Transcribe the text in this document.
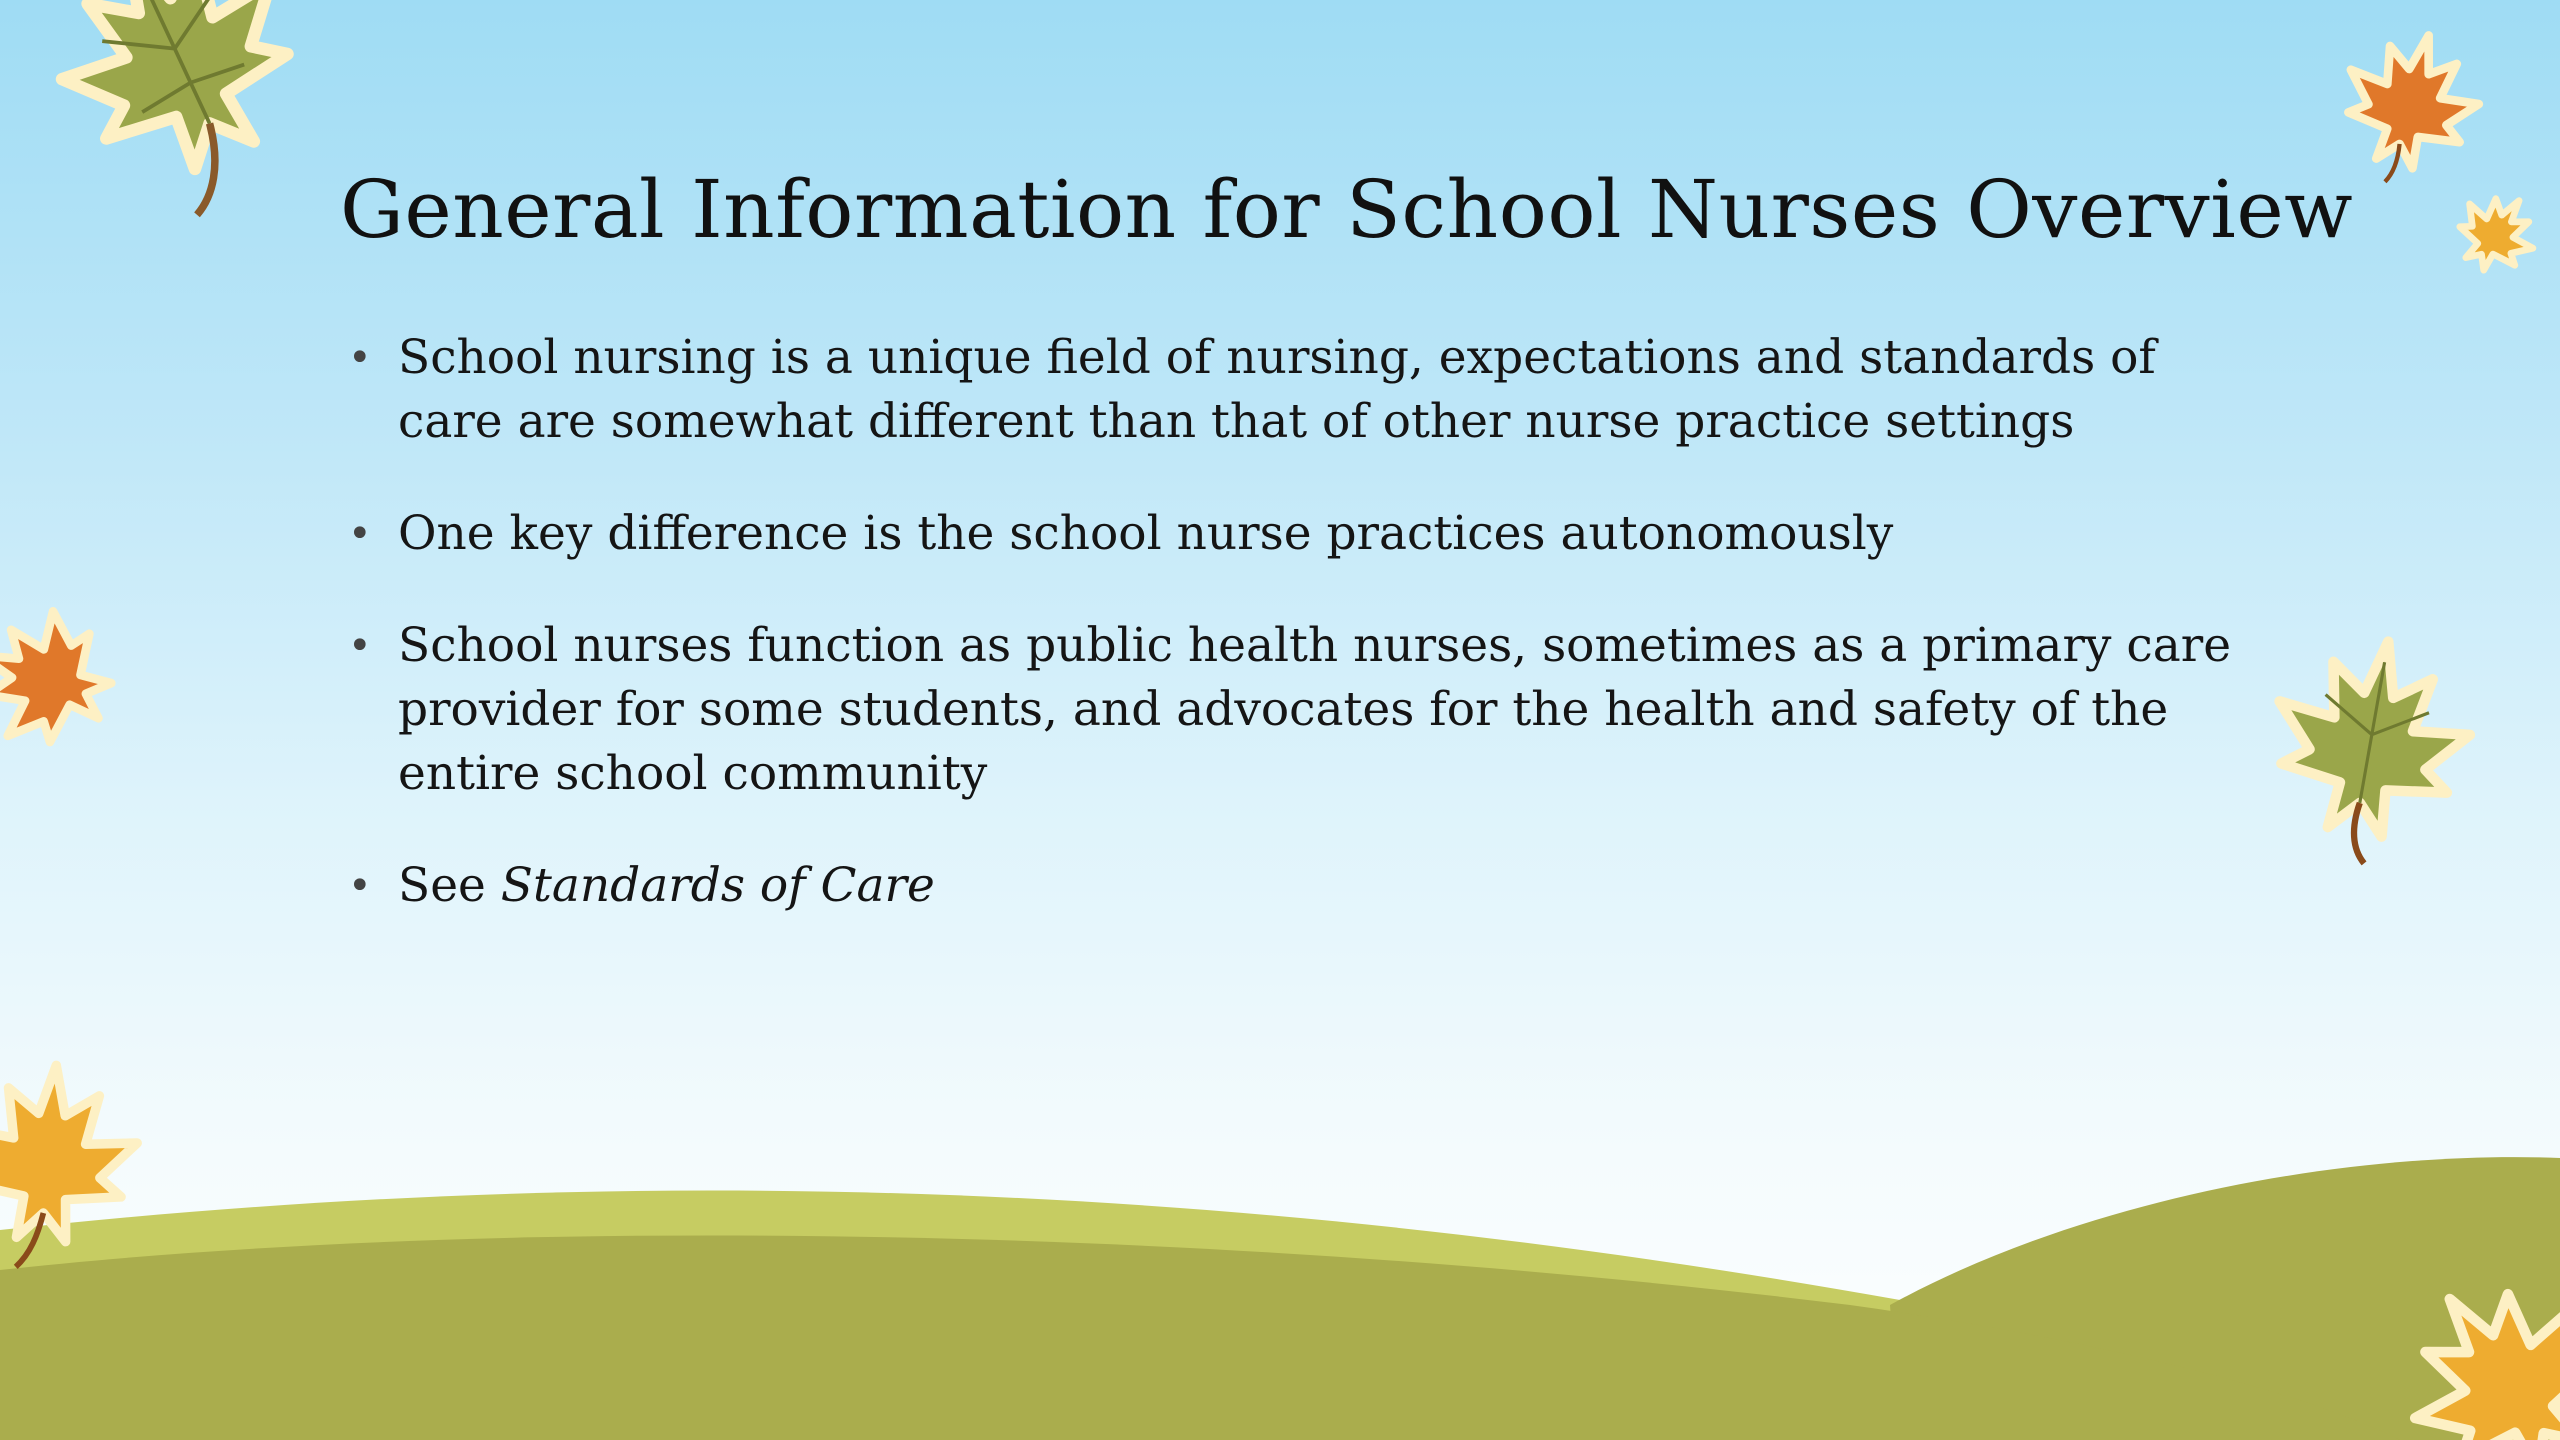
General Information for School Nurses Overview
• School nursing is a unique field of nursing, expectations and standards of care are somewhat different than that of other nurse practice settings
• One key difference is the school nurse practices autonomously
• School nurses function as public health nurses, sometimes as a primary care provider for some students, and advocates for the health and safety of the entire school community
• See Standards of Care
